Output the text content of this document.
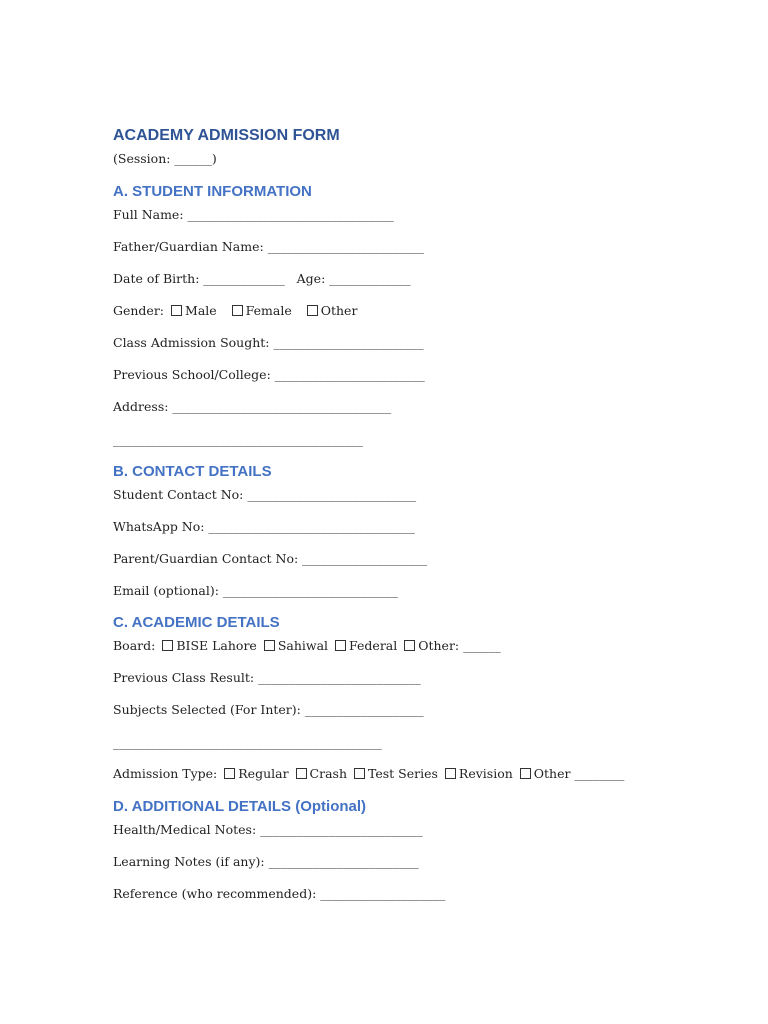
ACADEMY ADMISSION FORM
(Session: ______)
A. STUDENT INFORMATION
Full Name: _________________________________
Father/Guardian Name: _________________________
Date of Birth: _____________ Age: _____________
Gender: Male Female Other
Class Admission Sought: ________________________
Previous School/College: ________________________
Address: ___________________________________
________________________________________
B. CONTACT DETAILS
Student Contact No: ___________________________
WhatsApp No: _________________________________
Parent/Guardian Contact No: ____________________
Email (optional): ____________________________
C. ACADEMIC DETAILS
Board: BISE Lahore Sahiwal Federal Other: ______
Previous Class Result: __________________________
Subjects Selected (For Inter): ___________________
___________________________________________
Admission Type: Regular Crash Test Series Revision Other ________
D. ADDITIONAL DETAILS (Optional)
Health/Medical Notes: __________________________
Learning Notes (if any): ________________________
Reference (who recommended): ____________________
